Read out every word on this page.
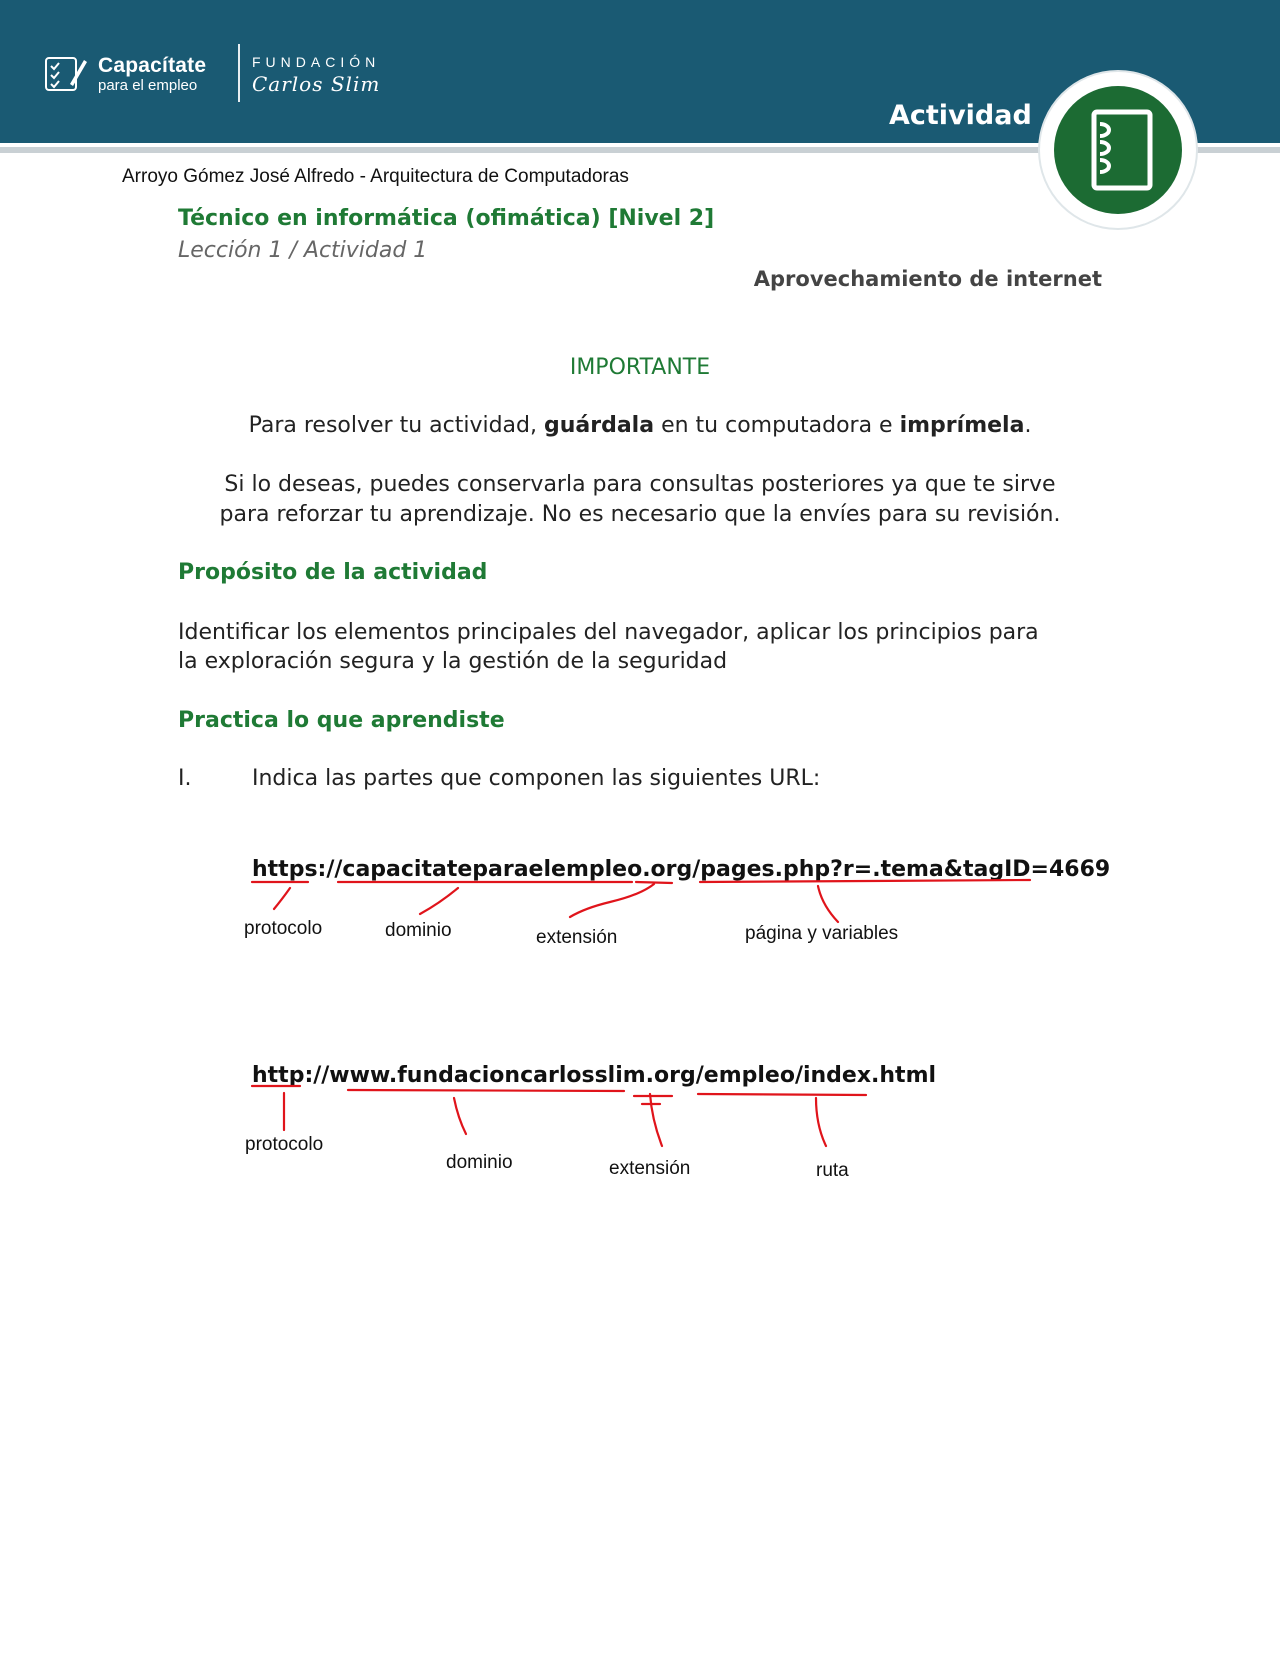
Capacítate
para el empleo
FUNDACIÓN
Carlos Slim
Actividad
Arroyo Gómez José Alfredo - Arquitectura de Computadoras
Técnico en informática (ofimática) [Nivel 2]
Lección 1 / Actividad 1
Aprovechamiento de internet
IMPORTANTE
Para resolver tu actividad, guárdala en tu computadora e imprímela.
Si lo deseas, puedes conservarla para consultas posteriores ya que te sirve
para reforzar tu aprendizaje. No es necesario que la envíes para su revisión.
Propósito de la actividad
Identificar los elementos principales del navegador, aplicar los principios para
la exploración segura y la gestión de la seguridad
Practica lo que aprendiste
I.	Indica las partes que componen las siguientes URL:
https://capacitateparaelempleo.org/pages.php?r=.tema&tagID=4669
protocolo	dominio	extensión	página y variables
http://www.fundacioncarlosslim.org/empleo/index.html
protocolo
dominio	extensión	ruta
